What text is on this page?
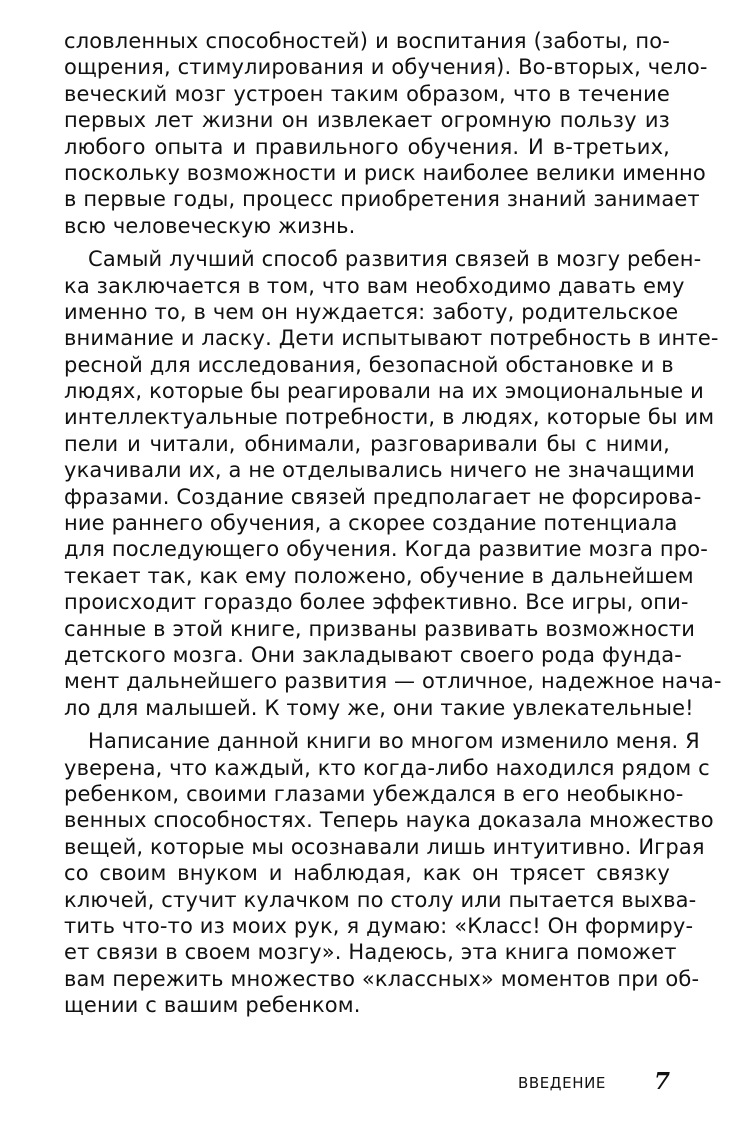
словленных способностей) и воспитания (заботы, по-
ощрения, стимулирования и обучения). Во-вторых, чело-
веческий мозг устроен таким образом, что в течение
первых лет жизни он извлекает огромную пользу из
любого опыта и правильного обучения. И в-третьих,
поскольку возможности и риск наиболее велики именно
в первые годы, процесс приобретения знаний занимает
всю человеческую жизнь.
Самый лучший способ развития связей в мозгу ребен-
ка заключается в том, что вам необходимо давать ему
именно то, в чем он нуждается: заботу, родительское
внимание и ласку. Дети испытывают потребность в инте-
ресной для исследования, безопасной обстановке и в
людях, которые бы реагировали на их эмоциональные и
интеллектуальные потребности, в людях, которые бы им
пели и читали, обнимали, разговаривали бы с ними,
укачивали их, а не отделывались ничего не значащими
фразами. Создание связей предполагает не форсирова-
ние раннего обучения, а скорее создание потенциала
для последующего обучения. Когда развитие мозга про-
текает так, как ему положено, обучение в дальнейшем
происходит гораздо более эффективно. Все игры, опи-
санные в этой книге, призваны развивать возможности
детского мозга. Они закладывают своего рода фунда-
мент дальнейшего развития — отличное, надежное нача-
ло для малышей. К тому же, они такие увлекательные!
Написание данной книги во многом изменило меня. Я
уверена, что каждый, кто когда-либо находился рядом с
ребенком, своими глазами убеждался в его необыкно-
венных способностях. Теперь наука доказала множество
вещей, которые мы осознавали лишь интуитивно. Играя
со своим внуком и наблюдая, как он трясет связку
ключей, стучит кулачком по столу или пытается выхва-
тить что-то из моих рук, я думаю: «Класс! Он формиру-
ет связи в своем мозгу». Надеюсь, эта книга поможет
вам пережить множество «классных» моментов при об-
щении с вашим ребенком.
ВВЕДЕНИЕ 7
